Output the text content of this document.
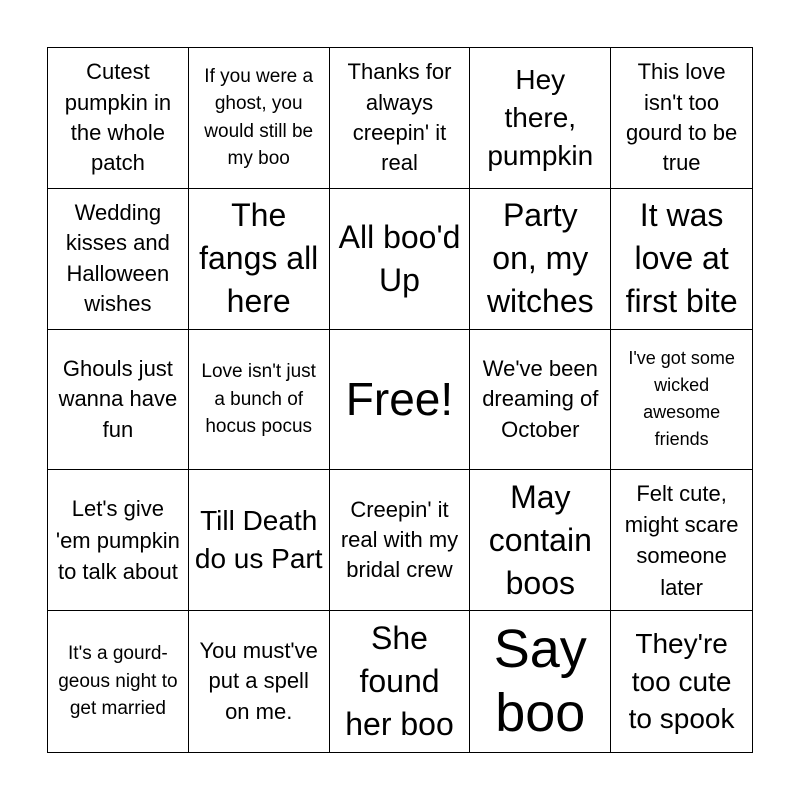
Cutest pumpkin in the whole patch
If you were a ghost, you would still be my boo
Thanks for always creepin' it real
Hey there, pumpkin
This love isn't too gourd to be true
Wedding kisses and Halloween wishes
The fangs all here
All boo'd Up
Party on, my witches
It was love at first bite
Ghouls just wanna have fun
Love isn't just a bunch of hocus pocus
Free!
We've been dreaming of October
I've got some wicked awesome friends
Let's give 'em pumpkin to talk about
Till Death do us Part
Creepin' it real with my bridal crew
May contain boos
Felt cute, might scare someone later
It's a gourd-geous night to get married
You must've put a spell on me.
She found her boo
Say boo
They're too cute to spook
